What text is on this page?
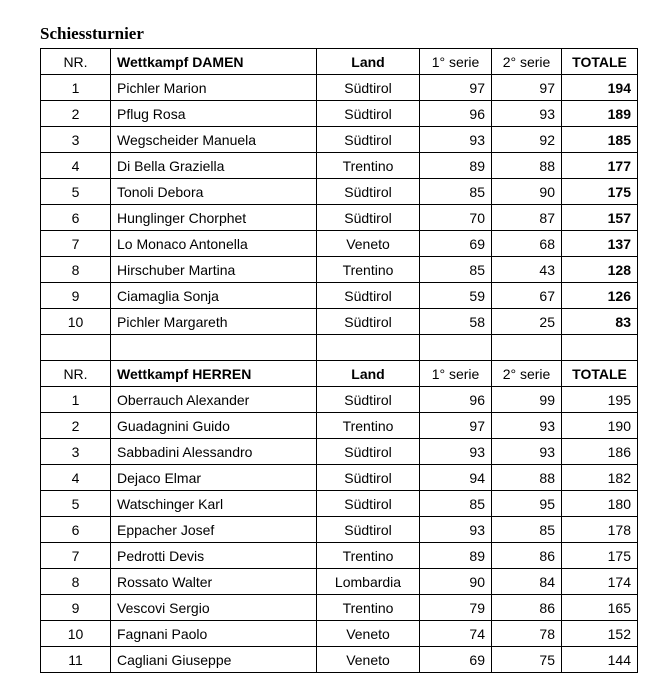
Schiessturnier
NR.	Wettkampf DAMEN	Land	1° serie	2° serie	TOTALE
1	Pichler Marion	Südtirol	97	97	194
2	Pflug Rosa	Südtirol	96	93	189
3	Wegscheider Manuela	Südtirol	93	92	185
4	Di Bella Graziella	Trentino	89	88	177
5	Tonoli Debora	Südtirol	85	90	175
6	Hunglinger Chorphet	Südtirol	70	87	157
7	Lo Monaco Antonella	Veneto	69	68	137
8	Hirschuber Martina	Trentino	85	43	128
9	Ciamaglia Sonja	Südtirol	59	67	126
10	Pichler Margareth	Südtirol	58	25	83

NR.	Wettkampf HERREN	Land	1° serie	2° serie	TOTALE
1	Oberrauch Alexander	Südtirol	96	99	195
2	Guadagnini Guido	Trentino	97	93	190
3	Sabbadini Alessandro	Südtirol	93	93	186
4	Dejaco Elmar	Südtirol	94	88	182
5	Watschinger Karl	Südtirol	85	95	180
6	Eppacher Josef	Südtirol	93	85	178
7	Pedrotti Devis	Trentino	89	86	175
8	Rossato Walter	Lombardia	90	84	174
9	Vescovi Sergio	Trentino	79	86	165
10	Fagnani Paolo	Veneto	74	78	152
11	Cagliani Giuseppe	Veneto	69	75	144
